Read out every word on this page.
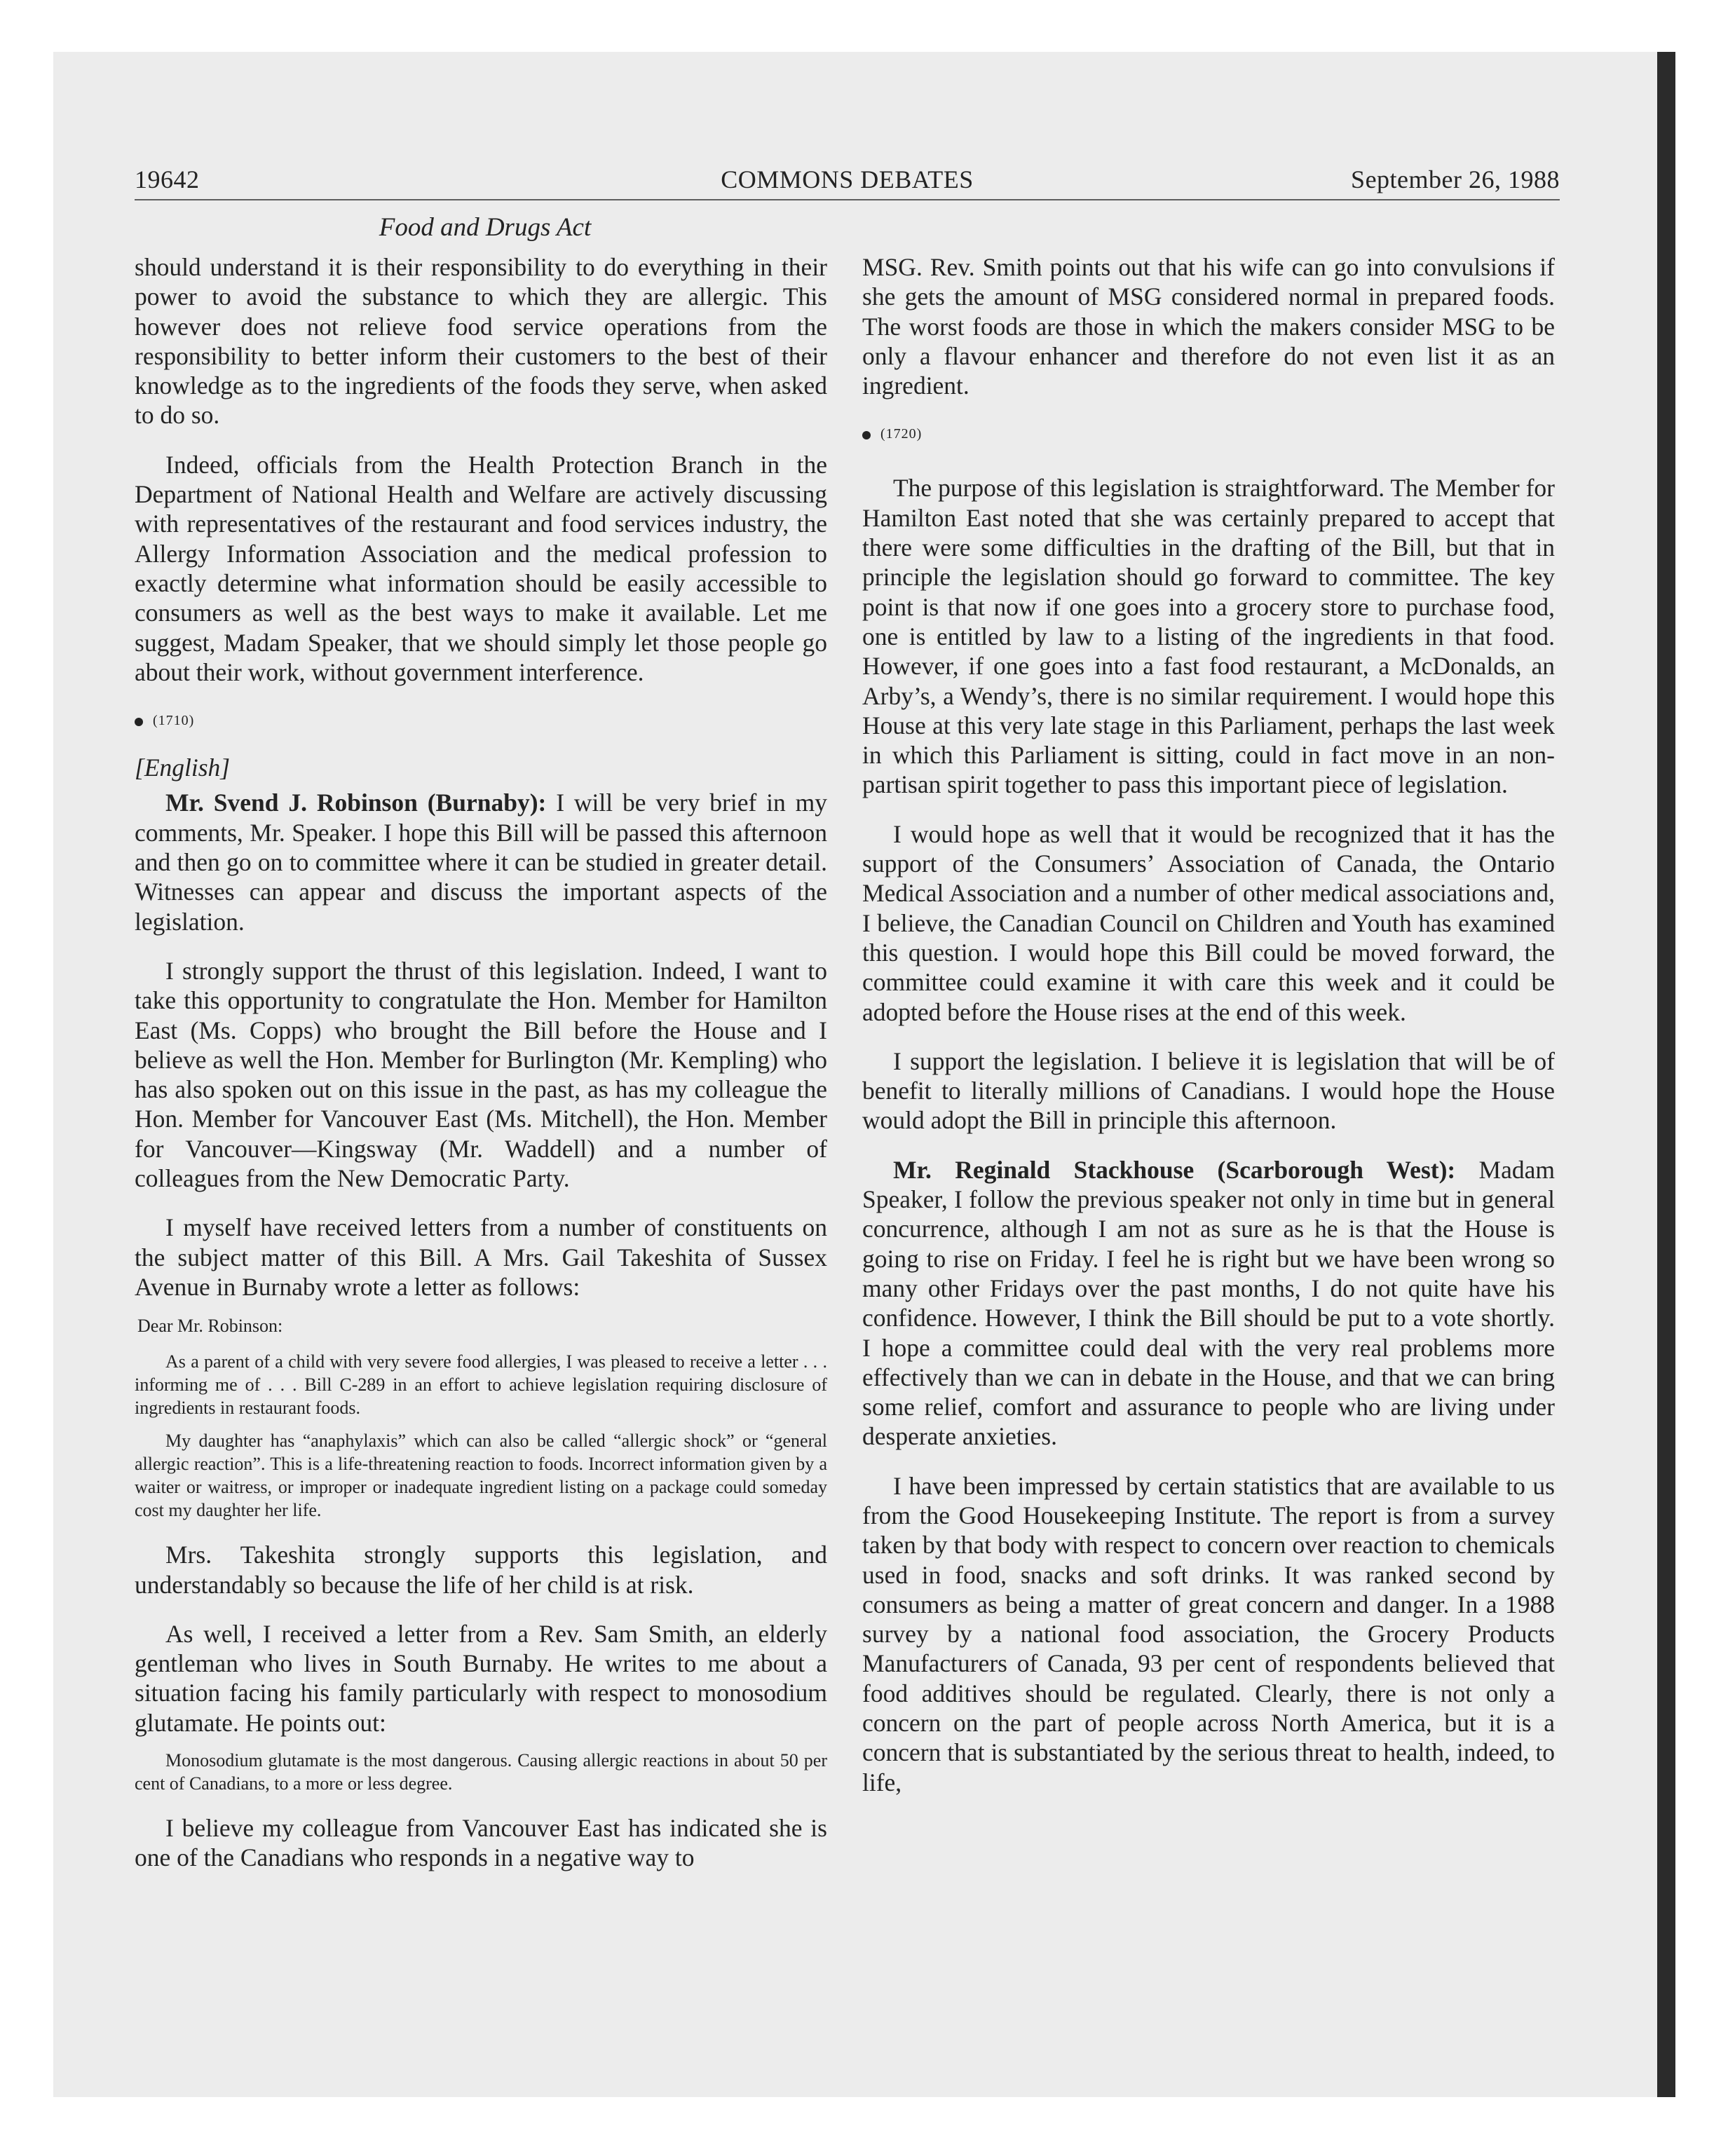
19642	COMMONS DEBATES	September 26, 1988
Food and Drugs Act

should understand it is their responsibility to do everything in their power to avoid the substance to which they are allergic. This however does not relieve food service operations from the responsibility to better inform their customers to the best of their knowledge as to the ingredients of the foods they serve, when asked to do so.

Indeed, officials from the Health Protection Branch in the Department of National Health and Welfare are actively discussing with representatives of the restaurant and food services industry, the Allergy Information Association and the medical profession to exactly determine what information should be easily accessible to consumers as well as the best ways to make it available. Let me suggest, Madam Speaker, that we should simply let those people go about their work, without government interference.

(1710)

[English]

Mr. Svend J. Robinson (Burnaby): I will be very brief in my comments, Mr. Speaker. I hope this Bill will be passed this afternoon and then go on to committee where it can be studied in greater detail. Witnesses can appear and discuss the important aspects of the legislation.

I strongly support the thrust of this legislation. Indeed, I want to take this opportunity to congratulate the Hon. Member for Hamilton East (Ms. Copps) who brought the Bill before the House and I believe as well the Hon. Member for Burlington (Mr. Kempling) who has also spoken out on this issue in the past, as has my colleague the Hon. Member for Vancouver East (Ms. Mitchell), the Hon. Member for Vancouver—Kingsway (Mr. Waddell) and a number of colleagues from the New Democratic Party.

I myself have received letters from a number of constituents on the subject matter of this Bill. A Mrs. Gail Takeshita of Sussex Avenue in Burnaby wrote a letter as follows:

Dear Mr. Robinson:
As a parent of a child with very severe food allergies, I was pleased to receive a letter . . . informing me of . . . Bill C-289 in an effort to achieve legislation requiring disclosure of ingredients in restaurant foods.
My daughter has “anaphylaxis” which can also be called “allergic shock” or “general allergic reaction”. This is a life-threatening reaction to foods. Incorrect information given by a waiter or waitress, or improper or inadequate ingredient listing on a package could someday cost my daughter her life.

Mrs. Takeshita strongly supports this legislation, and understandably so because the life of her child is at risk.

As well, I received a letter from a Rev. Sam Smith, an elderly gentleman who lives in South Burnaby. He writes to me about a situation facing his family particularly with respect to monosodium glutamate. He points out:

Monosodium glutamate is the most dangerous. Causing allergic reactions in about 50 per cent of Canadians, to a more or less degree.

I believe my colleague from Vancouver East has indicated she is one of the Canadians who responds in a negative way to

MSG. Rev. Smith points out that his wife can go into convulsions if she gets the amount of MSG considered normal in prepared foods. The worst foods are those in which the makers consider MSG to be only a flavour enhancer and therefore do not even list it as an ingredient.

(1720)

The purpose of this legislation is straightforward. The Member for Hamilton East noted that she was certainly prepared to accept that there were some difficulties in the drafting of the Bill, but that in principle the legislation should go forward to committee. The key point is that now if one goes into a grocery store to purchase food, one is entitled by law to a listing of the ingredients in that food. However, if one goes into a fast food restaurant, a McDonalds, an Arby’s, a Wendy’s, there is no similar requirement. I would hope this House at this very late stage in this Parliament, perhaps the last week in which this Parliament is sitting, could in fact move in an non-partisan spirit together to pass this important piece of legislation.

I would hope as well that it would be recognized that it has the support of the Consumers’ Association of Canada, the Ontario Medical Association and a number of other medical associations and, I believe, the Canadian Council on Children and Youth has examined this question. I would hope this Bill could be moved forward, the committee could examine it with care this week and it could be adopted before the House rises at the end of this week.

I support the legislation. I believe it is legislation that will be of benefit to literally millions of Canadians. I would hope the House would adopt the Bill in principle this afternoon.

Mr. Reginald Stackhouse (Scarborough West): Madam Speaker, I follow the previous speaker not only in time but in general concurrence, although I am not as sure as he is that the House is going to rise on Friday. I feel he is right but we have been wrong so many other Fridays over the past months, I do not quite have his confidence. However, I think the Bill should be put to a vote shortly. I hope a committee could deal with the very real problems more effectively than we can in debate in the House, and that we can bring some relief, comfort and assurance to people who are living under desperate anxieties.

I have been impressed by certain statistics that are available to us from the Good Housekeeping Institute. The report is from a survey taken by that body with respect to concern over reaction to chemicals used in food, snacks and soft drinks. It was ranked second by consumers as being a matter of great concern and danger. In a 1988 survey by a national food association, the Grocery Products Manufacturers of Canada, 93 per cent of respondents believed that food additives should be regulated. Clearly, there is not only a concern on the part of people across North America, but it is a concern that is substantiated by the serious threat to health, indeed, to life,
